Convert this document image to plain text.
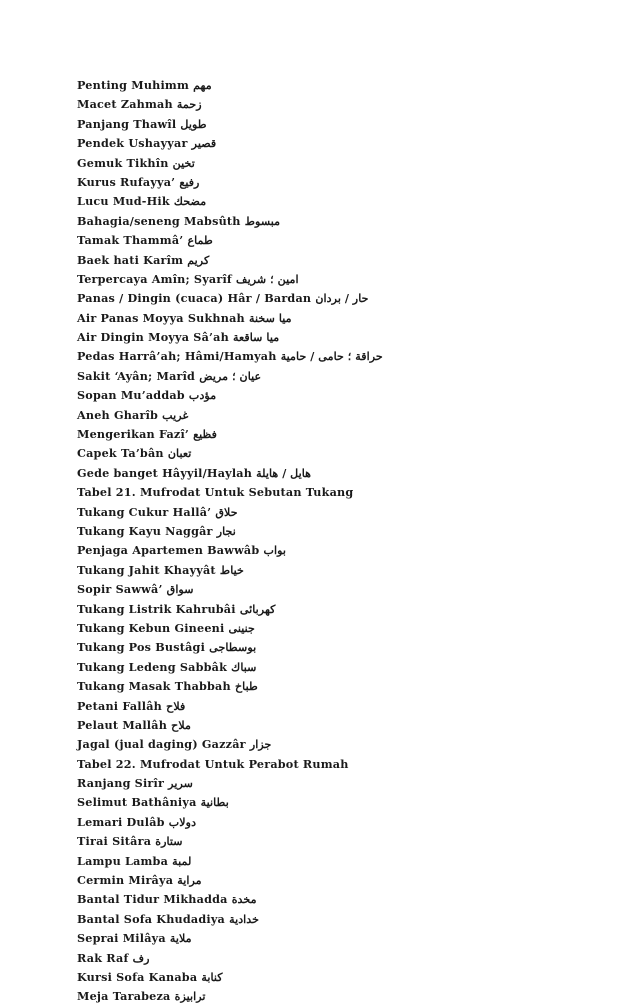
Penting Muhimm مهم
Macet Zahmah زحمة
Panjang Thawîl طويل
Pendek Ushayyar قصير
Gemuk Tikhîn تخين
Kurus Rufayya’ رفيع
Lucu Mud-Hik مضحك
Bahagia/seneng Mabsûth مبسوط
Tamak Thammâ’ طماع
Baek hati Karîm كريم
Terpercaya Amîn; Syarîf امين ؛ شريف
Panas / Dingin (cuaca) Hâr / Bardan حار / بردان
Air Panas Moyya Sukhnah ميا سخنة
Air Dingin Moyya Sâ’ah ميا ساقعة
Pedas Harrâ’ah; Hâmi/Hamyah حراقة ؛ حامى / حامية
Sakit ‘Ayân; Marîd عيان ؛ مريض
Sopan Mu’addab مؤدب
Aneh Gharîb غريب
Mengerikan Fazî’ فظيع
Capek Ta’bân تعبان
Gede banget Hâyyil/Haylah هايل / هايلة
Tabel 21. Mufrodat Untuk Sebutan Tukang
Tukang Cukur Hallâ’ حلاق
Tukang Kayu Naggâr نجار
Penjaga Apartemen Bawwâb بواب
Tukang Jahit Khayyât خياط
Sopir Sawwâ’ سواق
Tukang Listrik Kahrubâi كهربائى
Tukang Kebun Gineeni جنينى
Tukang Pos Bustâgi بوسطاجى
Tukang Ledeng Sabbâk سباك
Tukang Masak Thabbah طباخ
Petani Fallâh فلاح
Pelaut Mallâh ملاح
Jagal (jual daging) Gazzâr جزار
Tabel 22. Mufrodat Untuk Perabot Rumah
Ranjang Sirîr سرير
Selimut Bathâniya بطانية
Lemari Dulâb دولاب
Tirai Sitâra ستارة
Lampu Lamba لمبة
Cermin Mirâya مراية
Bantal Tidur Mikhadda مخدة
Bantal Sofa Khudadiya خدادية
Seprai Milâya ملاية
Rak Raf رف
Kursi Sofa Kanaba كنابة
Meja Tarabeza ترابيزة
